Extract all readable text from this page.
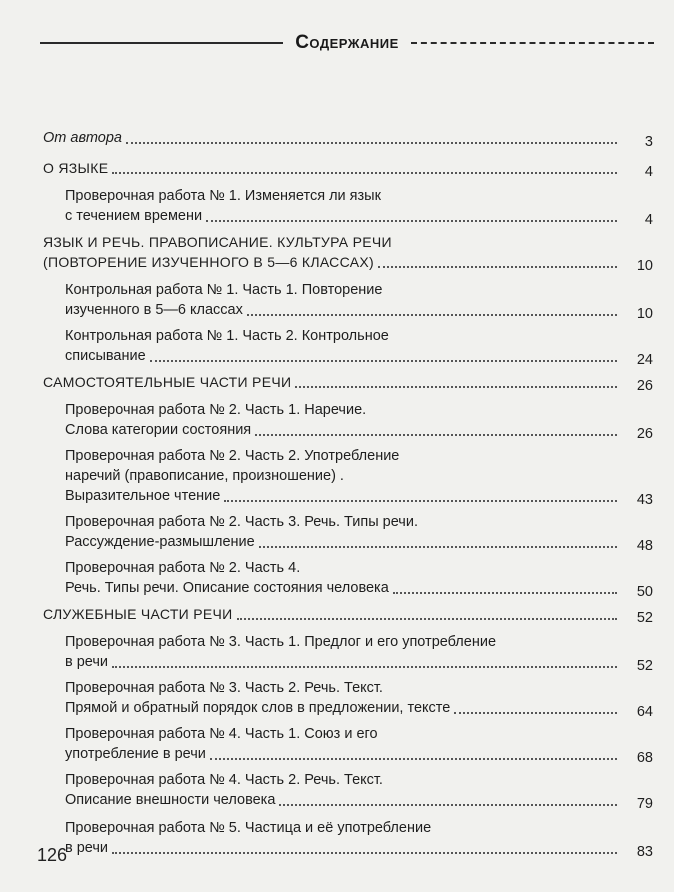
Содержание
От автора	3
О ЯЗЫКЕ	4
Проверочная работа № 1. Изменяется ли язык
с течением времени	4
ЯЗЫК И РЕЧЬ. ПРАВОПИСАНИЕ. КУЛЬТУРА РЕЧИ
(ПОВТОРЕНИЕ ИЗУЧЕННОГО В 5—6 КЛАССАХ)	10
Контрольная работа № 1. Часть 1. Повторение
изученного в 5—6 классах	10
Контрольная работа № 1. Часть 2. Контрольное
списывание	24
САМОСТОЯТЕЛЬНЫЕ ЧАСТИ РЕЧИ	26
Проверочная работа № 2. Часть 1. Наречие.
Слова категории состояния	26
Проверочная работа № 2. Часть 2. Употребление
наречий (правописание, произношение) .
Выразительное чтение	43
Проверочная работа № 2. Часть 3. Речь. Типы речи.
Рассуждение-размышление	48
Проверочная работа № 2. Часть 4.
Речь. Типы речи. Описание состояния человека	50
СЛУЖЕБНЫЕ ЧАСТИ РЕЧИ	52
Проверочная работа № 3. Часть 1. Предлог и его употребление
в речи	52
Проверочная работа № 3. Часть 2. Речь. Текст.
Прямой и обратный порядок слов в предложении, тексте	64
Проверочная работа № 4. Часть 1. Союз и его
употребление в речи	68
Проверочная работа № 4. Часть 2. Речь. Текст.
Описание внешности человека	79
Проверочная работа № 5. Частица и её употребление
в речи	83
126
